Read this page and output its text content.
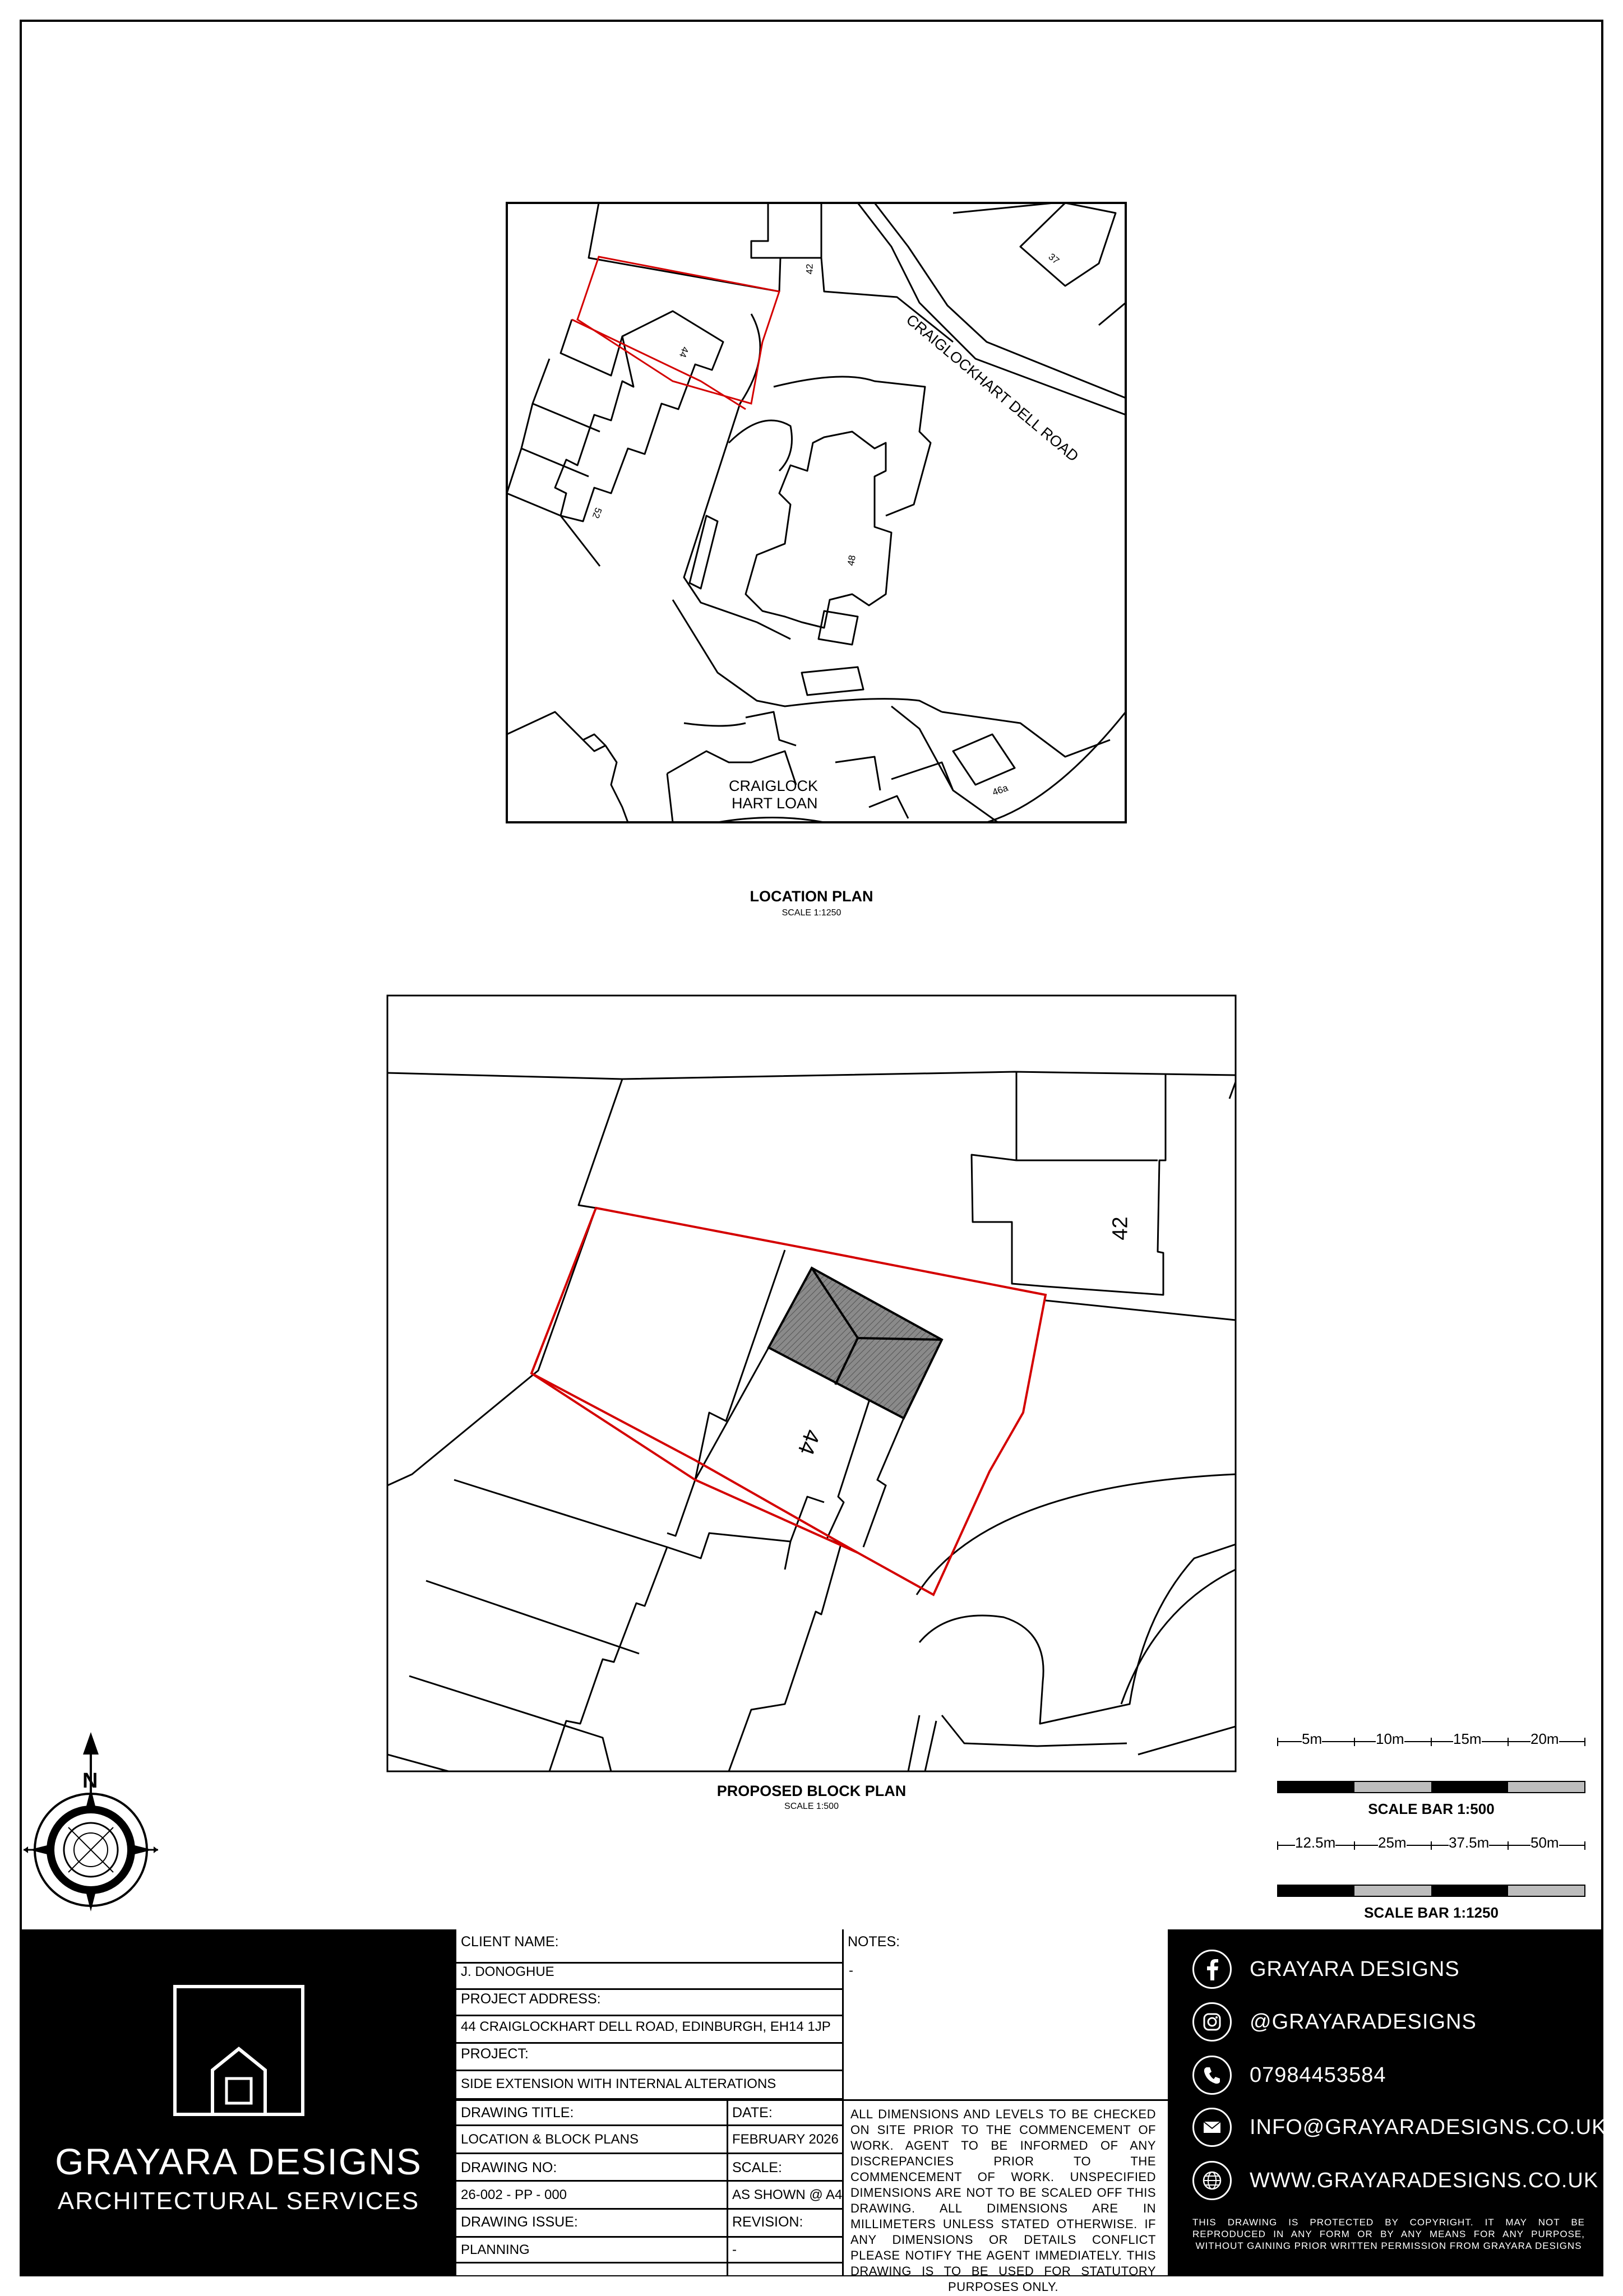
CRAIGLOCKHART DELL ROAD
CRAIGLOCK
HART LOAN
42
37
44
52
48
46a
LOCATION PLAN
SCALE 1:1250
42
44
PROPOSED BLOCK PLAN
SCALE 1:500
N
5m	10m	15m	20m
SCALE BAR 1:500
12.5m	25m	37.5m	50m
SCALE BAR 1:1250
GRAYARA DESIGNS
ARCHITECTURAL SERVICES
CLIENT NAME:
J. DONOGHUE
PROJECT ADDRESS:
44 CRAIGLOCKHART DELL ROAD, EDINBURGH, EH14 1JP
PROJECT:
SIDE EXTENSION WITH INTERNAL ALTERATIONS
DRAWING TITLE:
LOCATION & BLOCK PLANS
DRAWING NO:
26-002 - PP - 000
DRAWING ISSUE:
PLANNING
DATE:
FEBRUARY 2026
SCALE:
AS SHOWN @ A4
REVISION:
-
NOTES:
-
ALL DIMENSIONS AND LEVELS TO BE CHECKED ON SITE PRIOR TO THE COMMENCEMENT OF WORK. AGENT TO BE INFORMED OF ANY DISCREPANCIES PRIOR TO THE COMMENCEMENT OF WORK. UNSPECIFIED DIMENSIONS ARE NOT TO BE SCALED OFF THIS DRAWING. ALL DIMENSIONS ARE IN MILLIMETERS UNLESS STATED OTHERWISE. IF ANY DIMENSIONS OR DETAILS CONFLICT PLEASE NOTIFY THE AGENT IMMEDIATELY. THIS DRAWING IS TO BE USED FOR STATUTORY PURPOSES ONLY.
GRAYARA DESIGNS
@GRAYARADESIGNS
07984453584
INFO@GRAYARADESIGNS.CO.UK
WWW.GRAYARADESIGNS.CO.UK
THIS DRAWING IS PROTECTED BY COPYRIGHT. IT MAY NOT BE REPRODUCED IN ANY FORM OR BY ANY MEANS FOR ANY PURPOSE, WITHOUT GAINING PRIOR WRITTEN PERMISSION FROM GRAYARA DESIGNS
